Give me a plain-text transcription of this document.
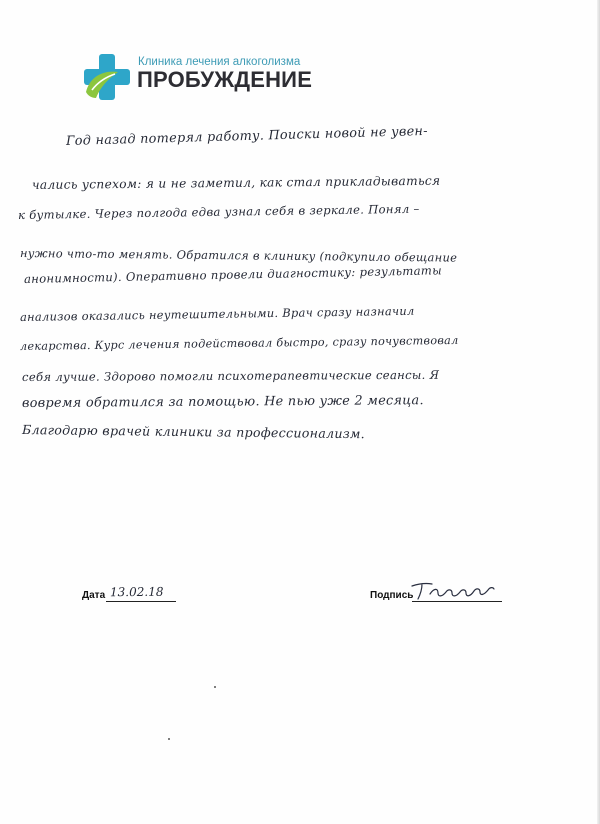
Клиника лечения алкоголизма
ПРОБУЖДЕНИЕ
Год назад потерял работу. Поиски новой не увен-
чались успехом: я и не заметил, как стал прикладываться
к бутылке. Через полгода едва узнал себя в зеркале. Понял –
нужно что-то менять. Обратился в клинику (подкупило обещание
анонимности). Оперативно провели диагностику: результаты
анализов оказались неутешительными. Врач сразу назначил
лекарства. Курс лечения подействовал быстро, сразу почувствовал
себя лучше. Здорово помогли психотерапевтические сеансы. Я
вовремя обратился за помощью. Не пью уже 2 месяца.
Благодарю врачей клиники за профессионализм.
Дата 13.02.18	Подпись
